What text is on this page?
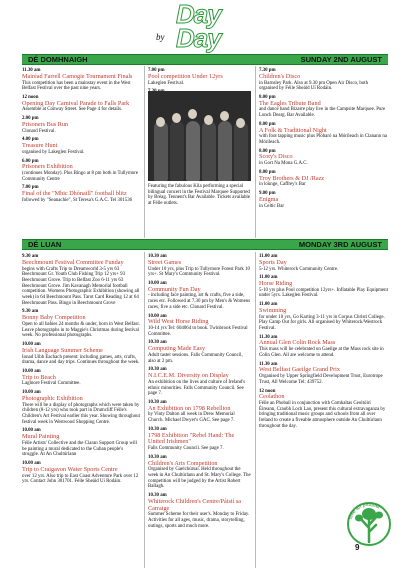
by
Day Day
DÉ DOMHNAIGH	SUNDAY 2ND AUGUST
11.30 am
Mairéad Farrell Camogie Tournament Finals
This competition has been a mainstay event in the West Belfast Festival over the past nine years.
12 noon
Opening Day Carnival Parade to Falls Park
Assemble at Conway Street. See Page 4 for details.
2.00 pm
Prisoners Bus Run
Clonard Festival.
4.00 pm
Treasure Hunt
organised by Lakeglen Festival.
6.00 pm
Prisoners Exhibition
(continues Monday). Plus Bingo at 8 pm both in Tullymore Community Centre
7.00 pm
Final of the "Mhic Dhónaill" football blitz
followed by "Seanachie", St Teresa's G.A.C. Tel 301536
7.00 pm
Pool competition Under 12yrs
Lakeglen Festival.
Featuring the fabulous Kila performing a special bilingual concert in the Festival Marquee Supported by Bréag. Tennent's Bar Available. Tickets available at Féile outlets.
7.30 pm
Children's Disco
in Barnsley Park. Also at 9.30 pm Open Air Disco, both organised by Féile Sheáid Uí Rodáin.
8.00 pm
The Eagles Tribute Band
and dance band Bizarre play live in the Campsite Marquee. Pure Lunch Dearg. Bar Available.
8.00 pm
A Folk & Traditional Night
with foot tapping music plus Plobaró na Mórileach in Clanann na Mórileach.
8.00 pm
Scoty's Disco
in Gort Na Mona G.A.C.
8.00 pm
Troy Brothers & DJ /Razz
in lounge, Caffrey's Bar
9.00 pm
Enigma
in Celtic Bar
DÉ LUAN	MONDAY 3RD AUGUST
9.30 am
Beechmount Festival Committee Funday
begins with Crafts Trip to Dreamworld 3-5 yrs 63 Beechmount Gr. Youth Club Fishing Trip 12 yrs+ 93 Beechmount Grove. Trip to Belfast Zoo 6-11 yrs 63 Beechmount Grove. Jim Kavanagh Memorial football competition. Womens Photographic Exhibition (showing all week) in 64 Beechmount Pass. Tarot Card Reading 12 at 64 Beechmount Pass. Bingo in Beechmount Grove
9.30 am
Bonny Baby Competition
Open to all babies 24 months & under, born in West Belfast. Leave photographs in to Maggie's Christmas during festival week. No professional photographs.
10.00 am
Irish Language Summer Scheme
Ionad Uibh Eachach present: including games, arts, crafts, drama, dance and day trips. Continues throughout the week.
10.00 am
Trip to Beach
Lagmore Festival Committee.
10.00 am
Photographic Exhibition
There will be a display of photographs which were taken by children (8-12 yrs) who took part in Drumcliff Féile's Children's Art Festival earlier this year. Showing throughout festival week in Westwood Shopping Centre.
10.00 am
Mural Painting
Féile Artists' Collective and the Ciaran Support Group will be painting a mural dedicated to the Cuban people's struggle. At An Chultúrlann
10.00 am
Trip to Craigavon Water Sports Centre
over 12 yrs. Also trip to East Coast Adventure Park over 12 yrs. Contact John 301701. Féile Sheáid Uí Rodáin.
10.30 am
Street Games
Under 10 yrs, plus Trip to Tullymore Forest Park 10 yrs+. St Mary's Community Festival.
10.00 am
Community Fun Day
- including face painting, art & crafts, five a side, races etc. Followed at 7.30 pm by Men's & Womens races, five a side etc. Clonard Festival.
10.00 am
Wild West Horse Riding
10-14 yrs Tel: 604064 to book. Twinbrook Festival Committee.
10.30 am
Computing Made Easy
Adult taster sessions. Falls Community Council, also at 2 pm.
10.30 am
N.I.C.E.M. Diversity on Display
An exhibition on the lives and culture of Ireland's ethnic minorities. Falls Community Council. See page 7.
10.30 am
An Exhibition on 1798 Rebellion
by Vinty Dalton all week in Drew Memorial Church. Michael Dwyer's GAC. See page 7.
10.30 am
1798 Exhibition "Rebel Hand: The United Irishmen"
Falls Community Council. See page 7.
10.30 am
Children's Arts Competition
Organised by Gaelchúrsaí. Held throughout the week in An Chultúrlann and St. Mary's College. The competition will be judged by the Artist Robert Ballagh.
10.30 am
Whiterock Children's Centre/Páistí sa Carraige
Summer Scheme for their user's. Monday to Friday. Activities for all ages, music, drama, storytelling, outings, sports and much more.
11.00 am
Sports Day
5-12 yrs. Whiterock Community Centre.
11.00 am
Horse Riding
5-10 yrs plus Pool competition 12yrs+. Inflatable Play Equipment under 5yrs. Lakeglen Festival.
11.00 am
Swimming
for under 10 yrs, Go Karting 3-11 yrs in Corpus Christi College. Play Camp Out for girls. All organised by Whiterock/Westrock Festival.
11.30 am
Annual Glen Colin Rock Mass
This mass will be celebrated on Gaeilge at the Mass rock site in Colin Glen. All are welcome to attend.
11.30 am
West Belfast Gaeilge Grand Prix
Organised by Upper Springfield Development Trust, Eurotrope Trust, All Welcome Tel: 439752.
12 noon
Ceolathon
Féile an Phobail in conjunction with Comhaltas Ceoltóirí Éireann, Craobh Loch Lao, present this cultural extravaganza by bringing traditional music groups and schools from all over Ireland to create a fiveable atmosphere outside An Chultúrlann throughout the day.
féile an phobail
9
